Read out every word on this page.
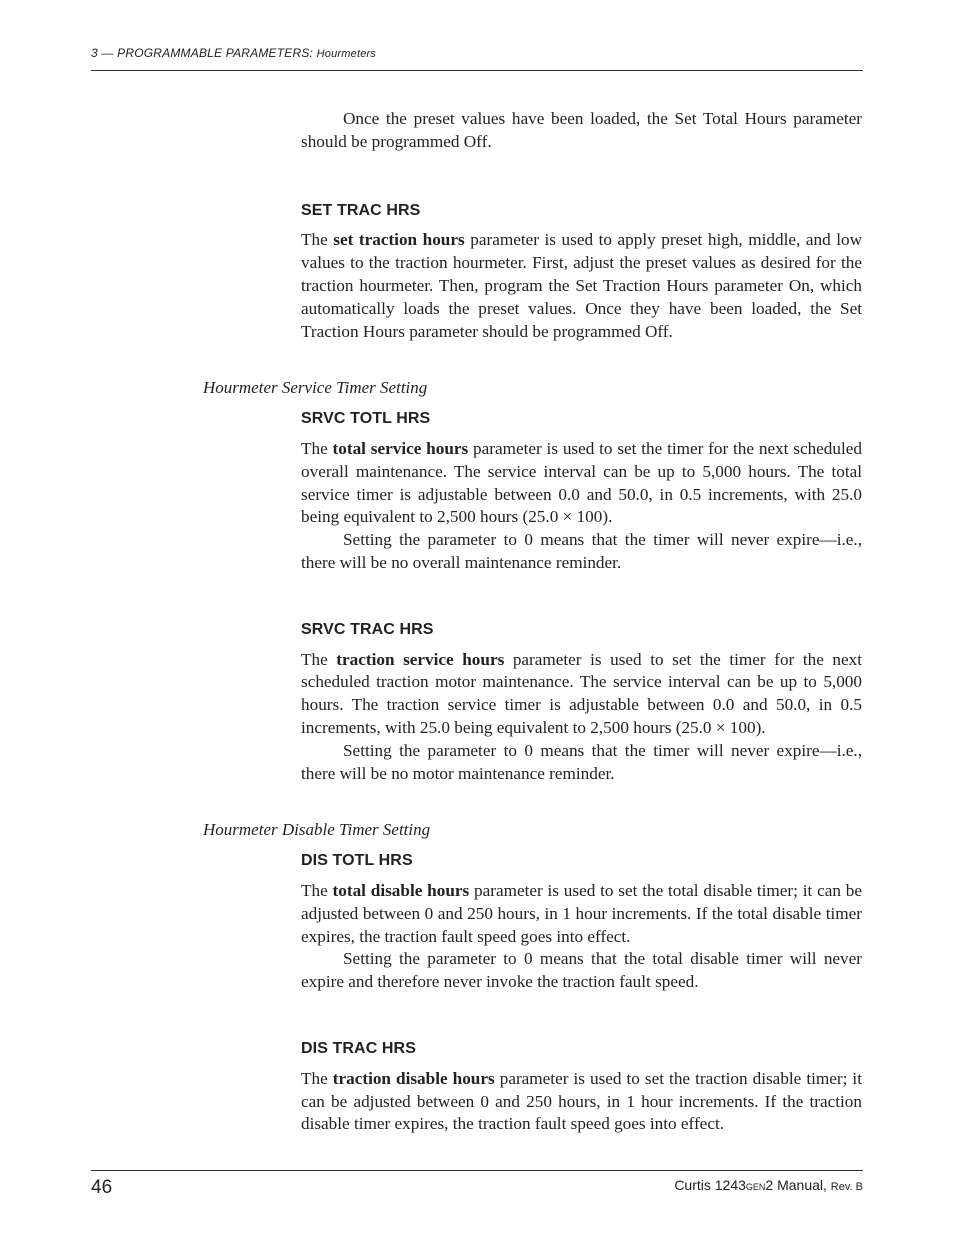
3 — PROGRAMMABLE PARAMETERS: Hourmeters

Once the preset values have been loaded, the Set Total Hours parameter should be programmed Off.

SET TRAC HRS

The set traction hours parameter is used to apply preset high, middle, and low values to the traction hourmeter. First, adjust the preset values as desired for the traction hourmeter. Then, program the Set Traction Hours parameter On, which automatically loads the preset values. Once they have been loaded, the Set Traction Hours parameter should be programmed Off.

Hourmeter Service Timer Setting
SRVC TOTL HRS

The total service hours parameter is used to set the timer for the next scheduled overall maintenance. The service interval can be up to 5,000 hours. The total service timer is adjustable between 0.0 and 50.0, in 0.5 increments, with 25.0 being equivalent to 2,500 hours (25.0 × 100).

Setting the parameter to 0 means that the timer will never expire—i.e., there will be no overall maintenance reminder.

SRVC TRAC HRS

The traction service hours parameter is used to set the timer for the next scheduled traction motor maintenance. The service interval can be up to 5,000 hours. The traction service timer is adjustable between 0.0 and 50.0, in 0.5 increments, with 25.0 being equivalent to 2,500 hours (25.0 × 100).

Setting the parameter to 0 means that the timer will never expire—i.e., there will be no motor maintenance reminder.

Hourmeter Disable Timer Setting
DIS TOTL HRS

The total disable hours parameter is used to set the total disable timer; it can be adjusted between 0 and 250 hours, in 1 hour increments. If the total disable timer expires, the traction fault speed goes into effect.

Setting the parameter to 0 means that the total disable timer will never expire and therefore never invoke the traction fault speed.

DIS TRAC HRS

The traction disable hours parameter is used to set the traction disable timer; it can be adjusted between 0 and 250 hours, in 1 hour increments. If the traction disable timer expires, the traction fault speed goes into effect.

46	Curtis 1243GEN2 Manual, Rev. B
